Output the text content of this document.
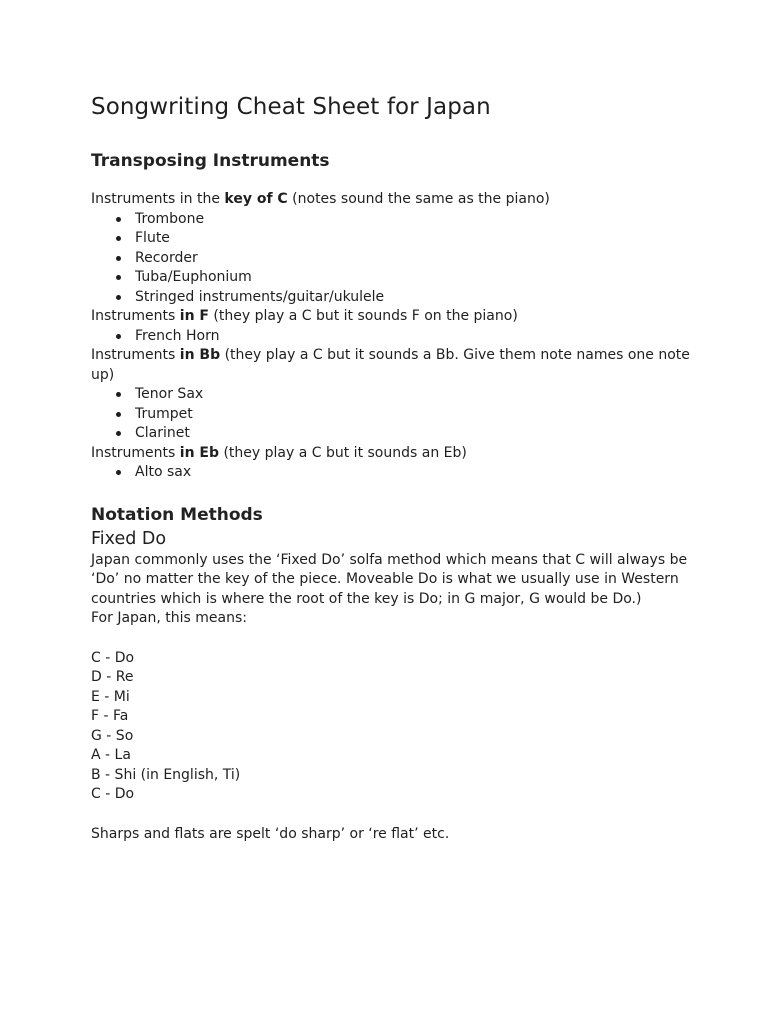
Songwriting Cheat Sheet for Japan
Transposing Instruments

Instruments in the key of C (notes sound the same as the piano)

Trombone
Flute
Recorder
Tuba/Euphonium
Stringed instruments/guitar/ukulele

Instruments in F (they play a C but it sounds F on the piano)

French Horn

Instruments in Bb (they play a C but it sounds a Bb. Give them note names one note up)

Tenor Sax
Trumpet
Clarinet

Instruments in Eb (they play a C but it sounds an Eb)

Alto sax
Notation Methods
Fixed Do

Japan commonly uses the ‘Fixed Do’ solfa method which means that C will always be ‘Do’ no matter the key of the piece. Moveable Do is what we usually use in Western countries which is where the root of the key is Do; in G major, G would be Do.)

For Japan, this means:

C - Do

D - Re

E - Mi

F - Fa

G - So

A - La

B - Shi (in English, Ti)

C - Do

Sharps and flats are spelt ‘do sharp’ or ‘re flat’ etc.
